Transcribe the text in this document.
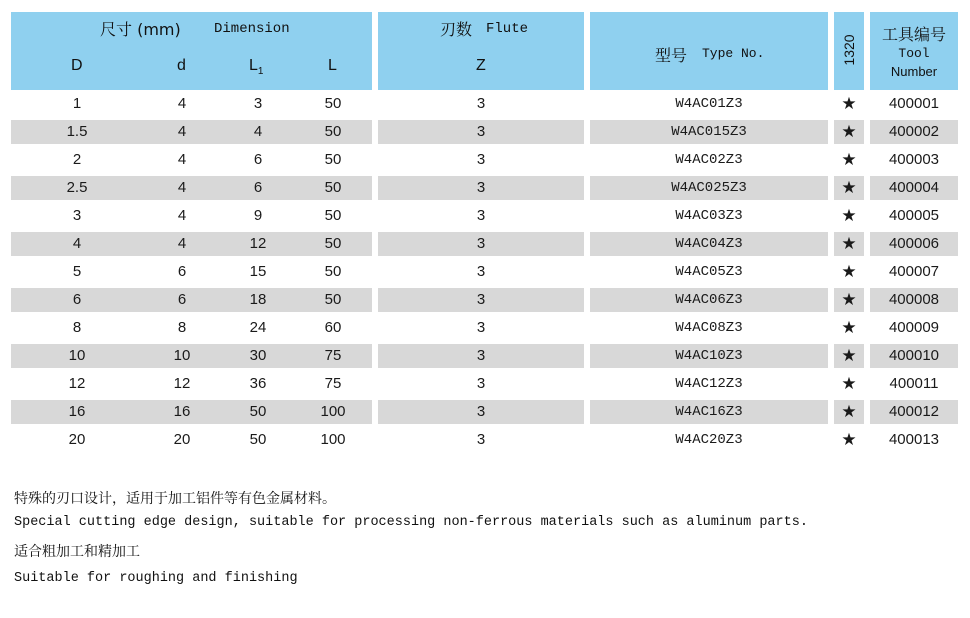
尺寸 (mm) Dimension
D	d	$L_1$	L
刃数 Flute
Z
型号 Type No.	1320	工具编号
Tool
Number
1	4	3	50	3	W4AC01Z3	★	400001
1.5	4	4	50	3	W4AC015Z3	★	400002
2	4	6	50	3	W4AC02Z3	★	400003
2.5	4	6	50	3	W4AC025Z3	★	400004
3	4	9	50	3	W4AC03Z3	★	400005
4	4	12	50	3	W4AC04Z3	★	400006
5	6	15	50	3	W4AC05Z3	★	400007
6	6	18	50	3	W4AC06Z3	★	400008
8	8	24	60	3	W4AC08Z3	★	400009
10	10	30	75	3	W4AC10Z3	★	400010
12	12	36	75	3	W4AC12Z3	★	400011
16	16	50	100	3	W4AC16Z3	★	400012
20	20	50	100	3	W4AC20Z3	★	400013
特殊的刃口设计，适用于加工铝件等有色金属材料。
Special cutting edge design, suitable for processing non-ferrous materials such as aluminum parts.
适合粗加工和精加工
Suitable for roughing and finishing
